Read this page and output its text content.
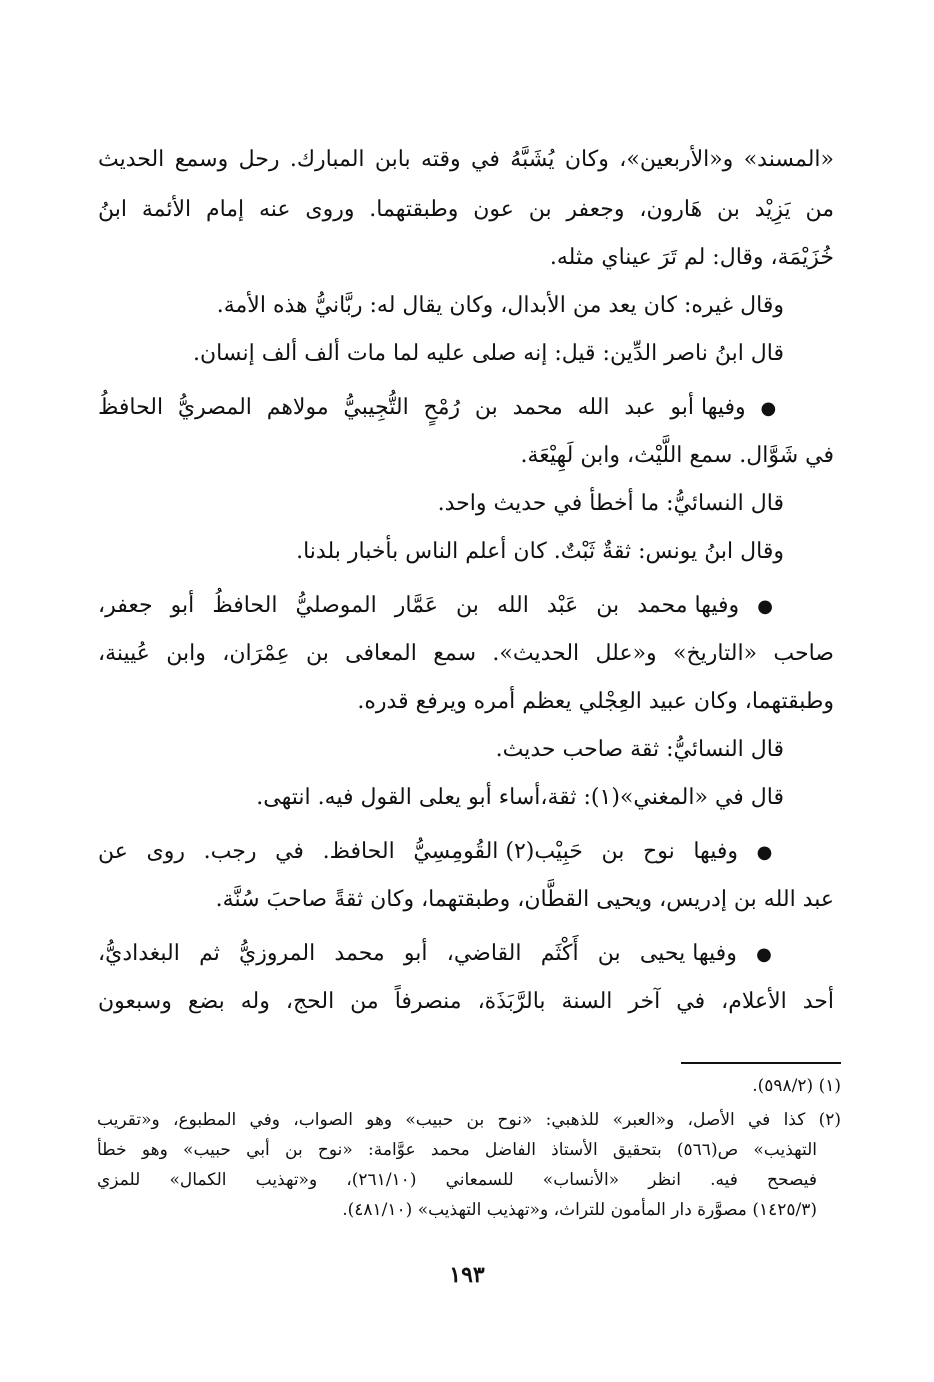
«المسند» و«الأربعين»، وكان يُشَبَّهُ في وقته بابن المبارك. رحل وسمع الحديث
من يَزِيْد بن هَارون، وجعفر بن عون وطبقتهما. وروى عنه إمام الأئمة ابنُ
خُزَيْمَة، وقال: لم تَرَ عيناي مثله.
وقال غيره: كان يعد من الأبدال، وكان يقال له: ربَّانيُّ هذه الأمة.
قال ابنُ ناصر الدِّين: قيل: إنه صلى عليه لما مات ألف ألف إنسان.
● وفيها أبو عبد الله محمد بن رُمْحٍ التُّجِيبيُّ مولاهم المصريُّ الحافظُ
في شَوَّال. سمع اللَّيْث، وابن لَهِيْعَة.
قال النسائيُّ: ما أخطأ في حديث واحد.
وقال ابنُ يونس: ثقةٌ ثَبْتٌ. كان أعلم الناس بأخبار بلدنا.
● وفيها محمد بن عَبْد الله بن عَمَّار الموصليُّ الحافظُ أبو جعفر،
صاحب «التاريخ» و«علل الحديث». سمع المعافى بن عِمْرَان، وابن عُيينة،
وطبقتهما، وكان عبيد العِجْلي يعظم أمره ويرفع قدره.
قال النسائيُّ: ثقة صاحب حديث.
قال في «المغني»(١): ثقة،أساء أبو يعلى القول فيه. انتهى.
● وفيها نوح بن حَبِيْب(٢) القُومِسِيُّ الحافظ. في رجب. روى عن
عبد الله بن إدريس، ويحيى القطَّان، وطبقتهما، وكان ثقةً صاحبَ سُنَّة.
● وفيها يحيى بن أَكْثَم القاضي، أبو محمد المروزيُّ ثم البغداديُّ،
أحد الأعلام، في آخر السنة بالرَّبَذَة، منصرفاً من الحج، وله بضع وسبعون
(١) (٥٩٨/٢).
(٢) كذا في الأصل، و«العبر» للذهبي: «نوح بن حبيب» وهو الصواب، وفي المطبوع، و«تقريب
التهذيب» ص(٥٦٦) بتحقيق الأستاذ الفاضل محمد عوَّامة: «نوح بن أبي حبيب» وهو خطأ
فيصحح فيه. انظر «الأنساب» للسمعاني (٢٦١/١٠)، و«تهذيب الكمال» للمزي
(١٤٢٥/٣) مصوَّرة دار المأمون للتراث، و«تهذيب التهذيب» (٤٨١/١٠).
١٩٣
